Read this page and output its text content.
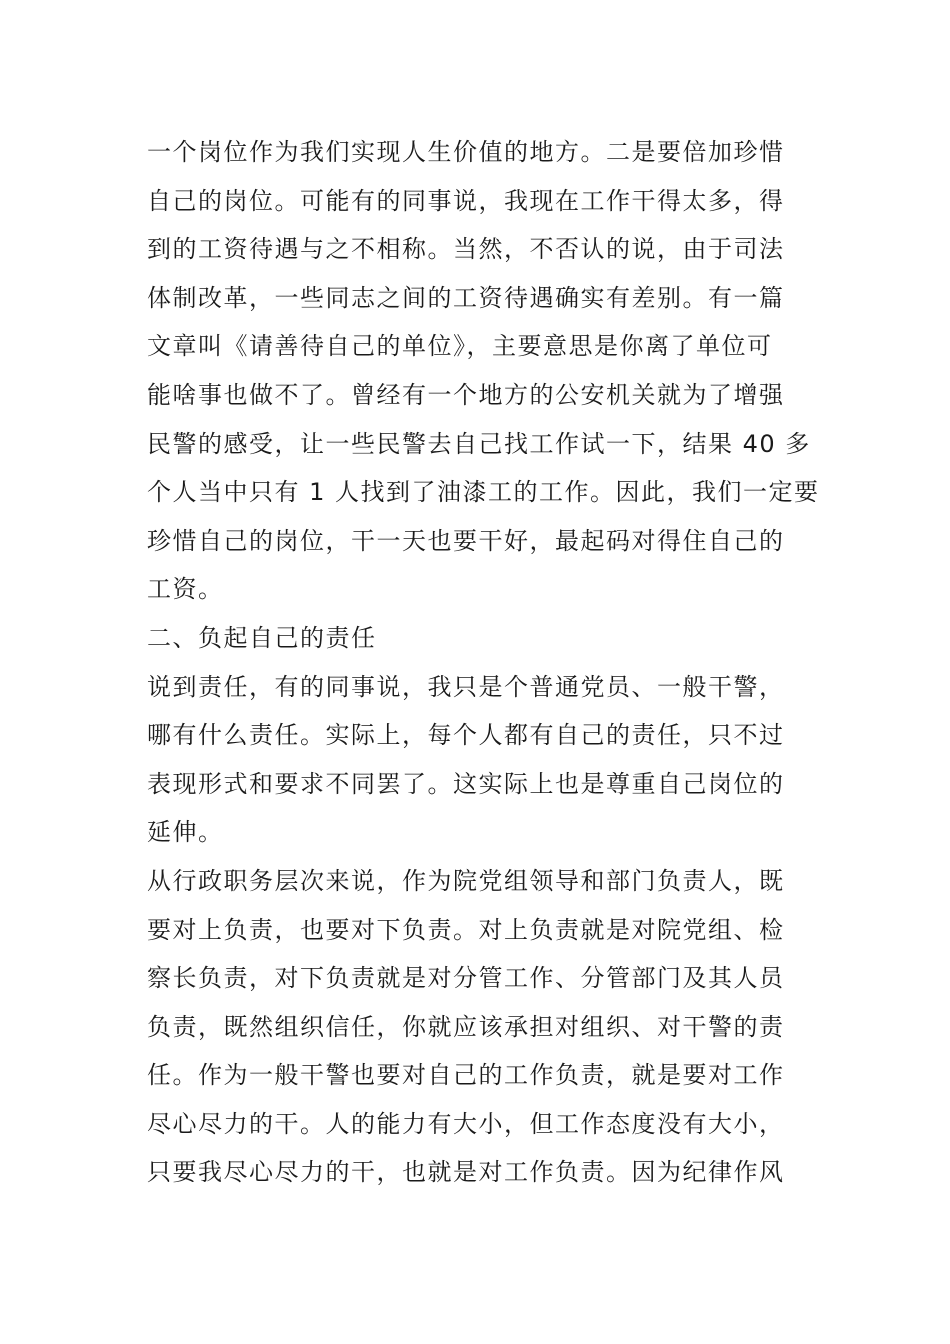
一个岗位作为我们实现人生价值的地方。二是要倍加珍惜
自己的岗位。可能有的同事说，我现在工作干得太多，得
到的工资待遇与之不相称。当然，不否认的说，由于司法
体制改革，一些同志之间的工资待遇确实有差别。有一篇
文章叫《请善待自己的单位》，主要意思是你离了单位可
能啥事也做不了。曾经有一个地方的公安机关就为了增强
民警的感受，让一些民警去自己找工作试一下，结果 40 多
个人当中只有 1 人找到了油漆工的工作。因此，我们一定要
珍惜自己的岗位，干一天也要干好，最起码对得住自己的
工资。
二、负起自己的责任
说到责任，有的同事说，我只是个普通党员、一般干警，
哪有什么责任。实际上，每个人都有自己的责任，只不过
表现形式和要求不同罢了。这实际上也是尊重自己岗位的
延伸。
从行政职务层次来说，作为院党组领导和部门负责人，既
要对上负责，也要对下负责。对上负责就是对院党组、检
察长负责，对下负责就是对分管工作、分管部门及其人员
负责，既然组织信任，你就应该承担对组织、对干警的责
任。作为一般干警也要对自己的工作负责，就是要对工作
尽心尽力的干。人的能力有大小，但工作态度没有大小，
只要我尽心尽力的干，也就是对工作负责。因为纪律作风
